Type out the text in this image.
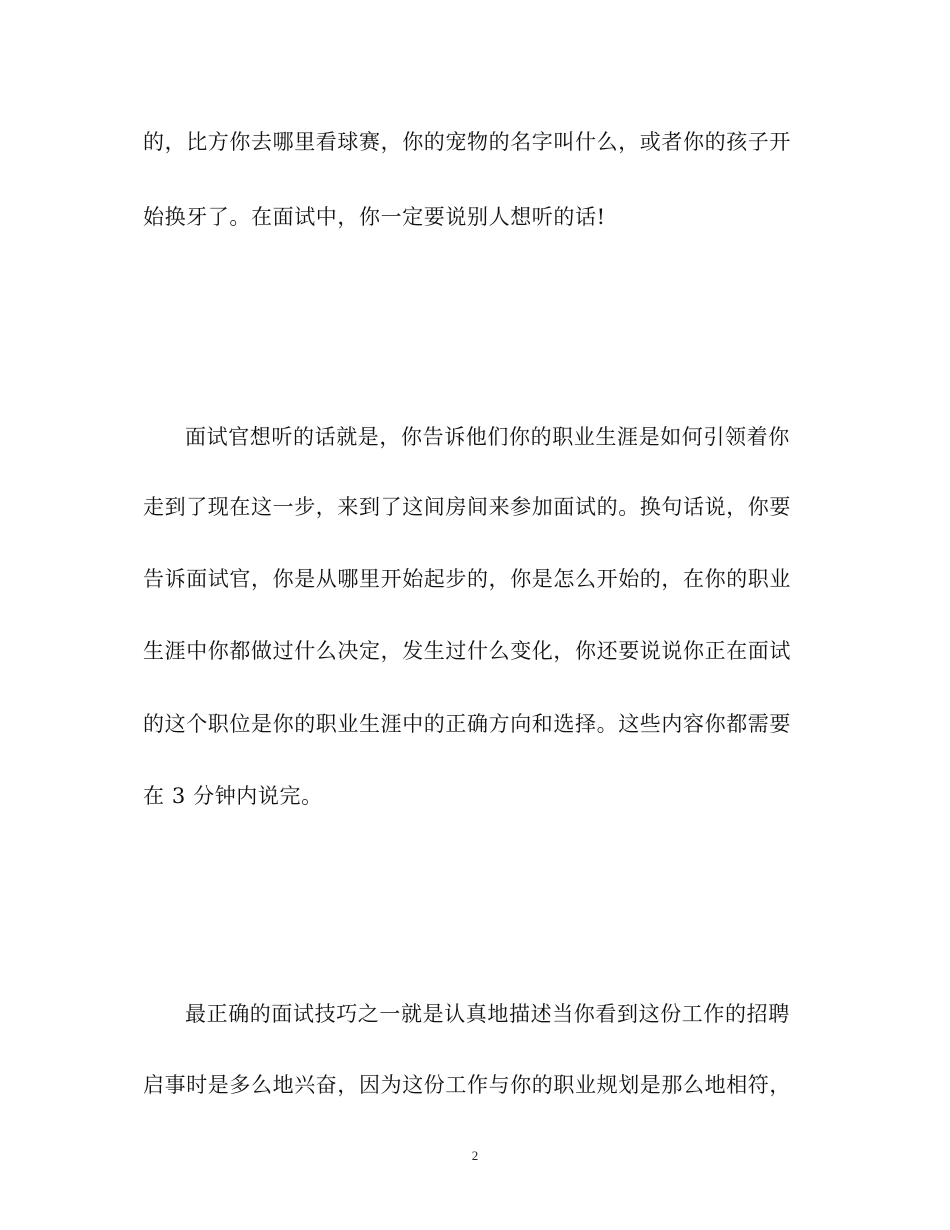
的，比方你去哪里看球赛，你的宠物的名字叫什么，或者你的孩子开
始换牙了。在面试中，你一定要说别人想听的话!
面试官想听的话就是，你告诉他们你的职业生涯是如何引领着你
走到了现在这一步，来到了这间房间来参加面试的。换句话说，你要
告诉面试官，你是从哪里开始起步的，你是怎么开始的，在你的职业
生涯中你都做过什么决定，发生过什么变化，你还要说说你正在面试
的这个职位是你的职业生涯中的正确方向和选择。这些内容你都需要
在 3 分钟内说完。
最正确的面试技巧之一就是认真地描述当你看到这份工作的招聘
启事时是多么地兴奋，因为这份工作与你的职业规划是那么地相符，
2
